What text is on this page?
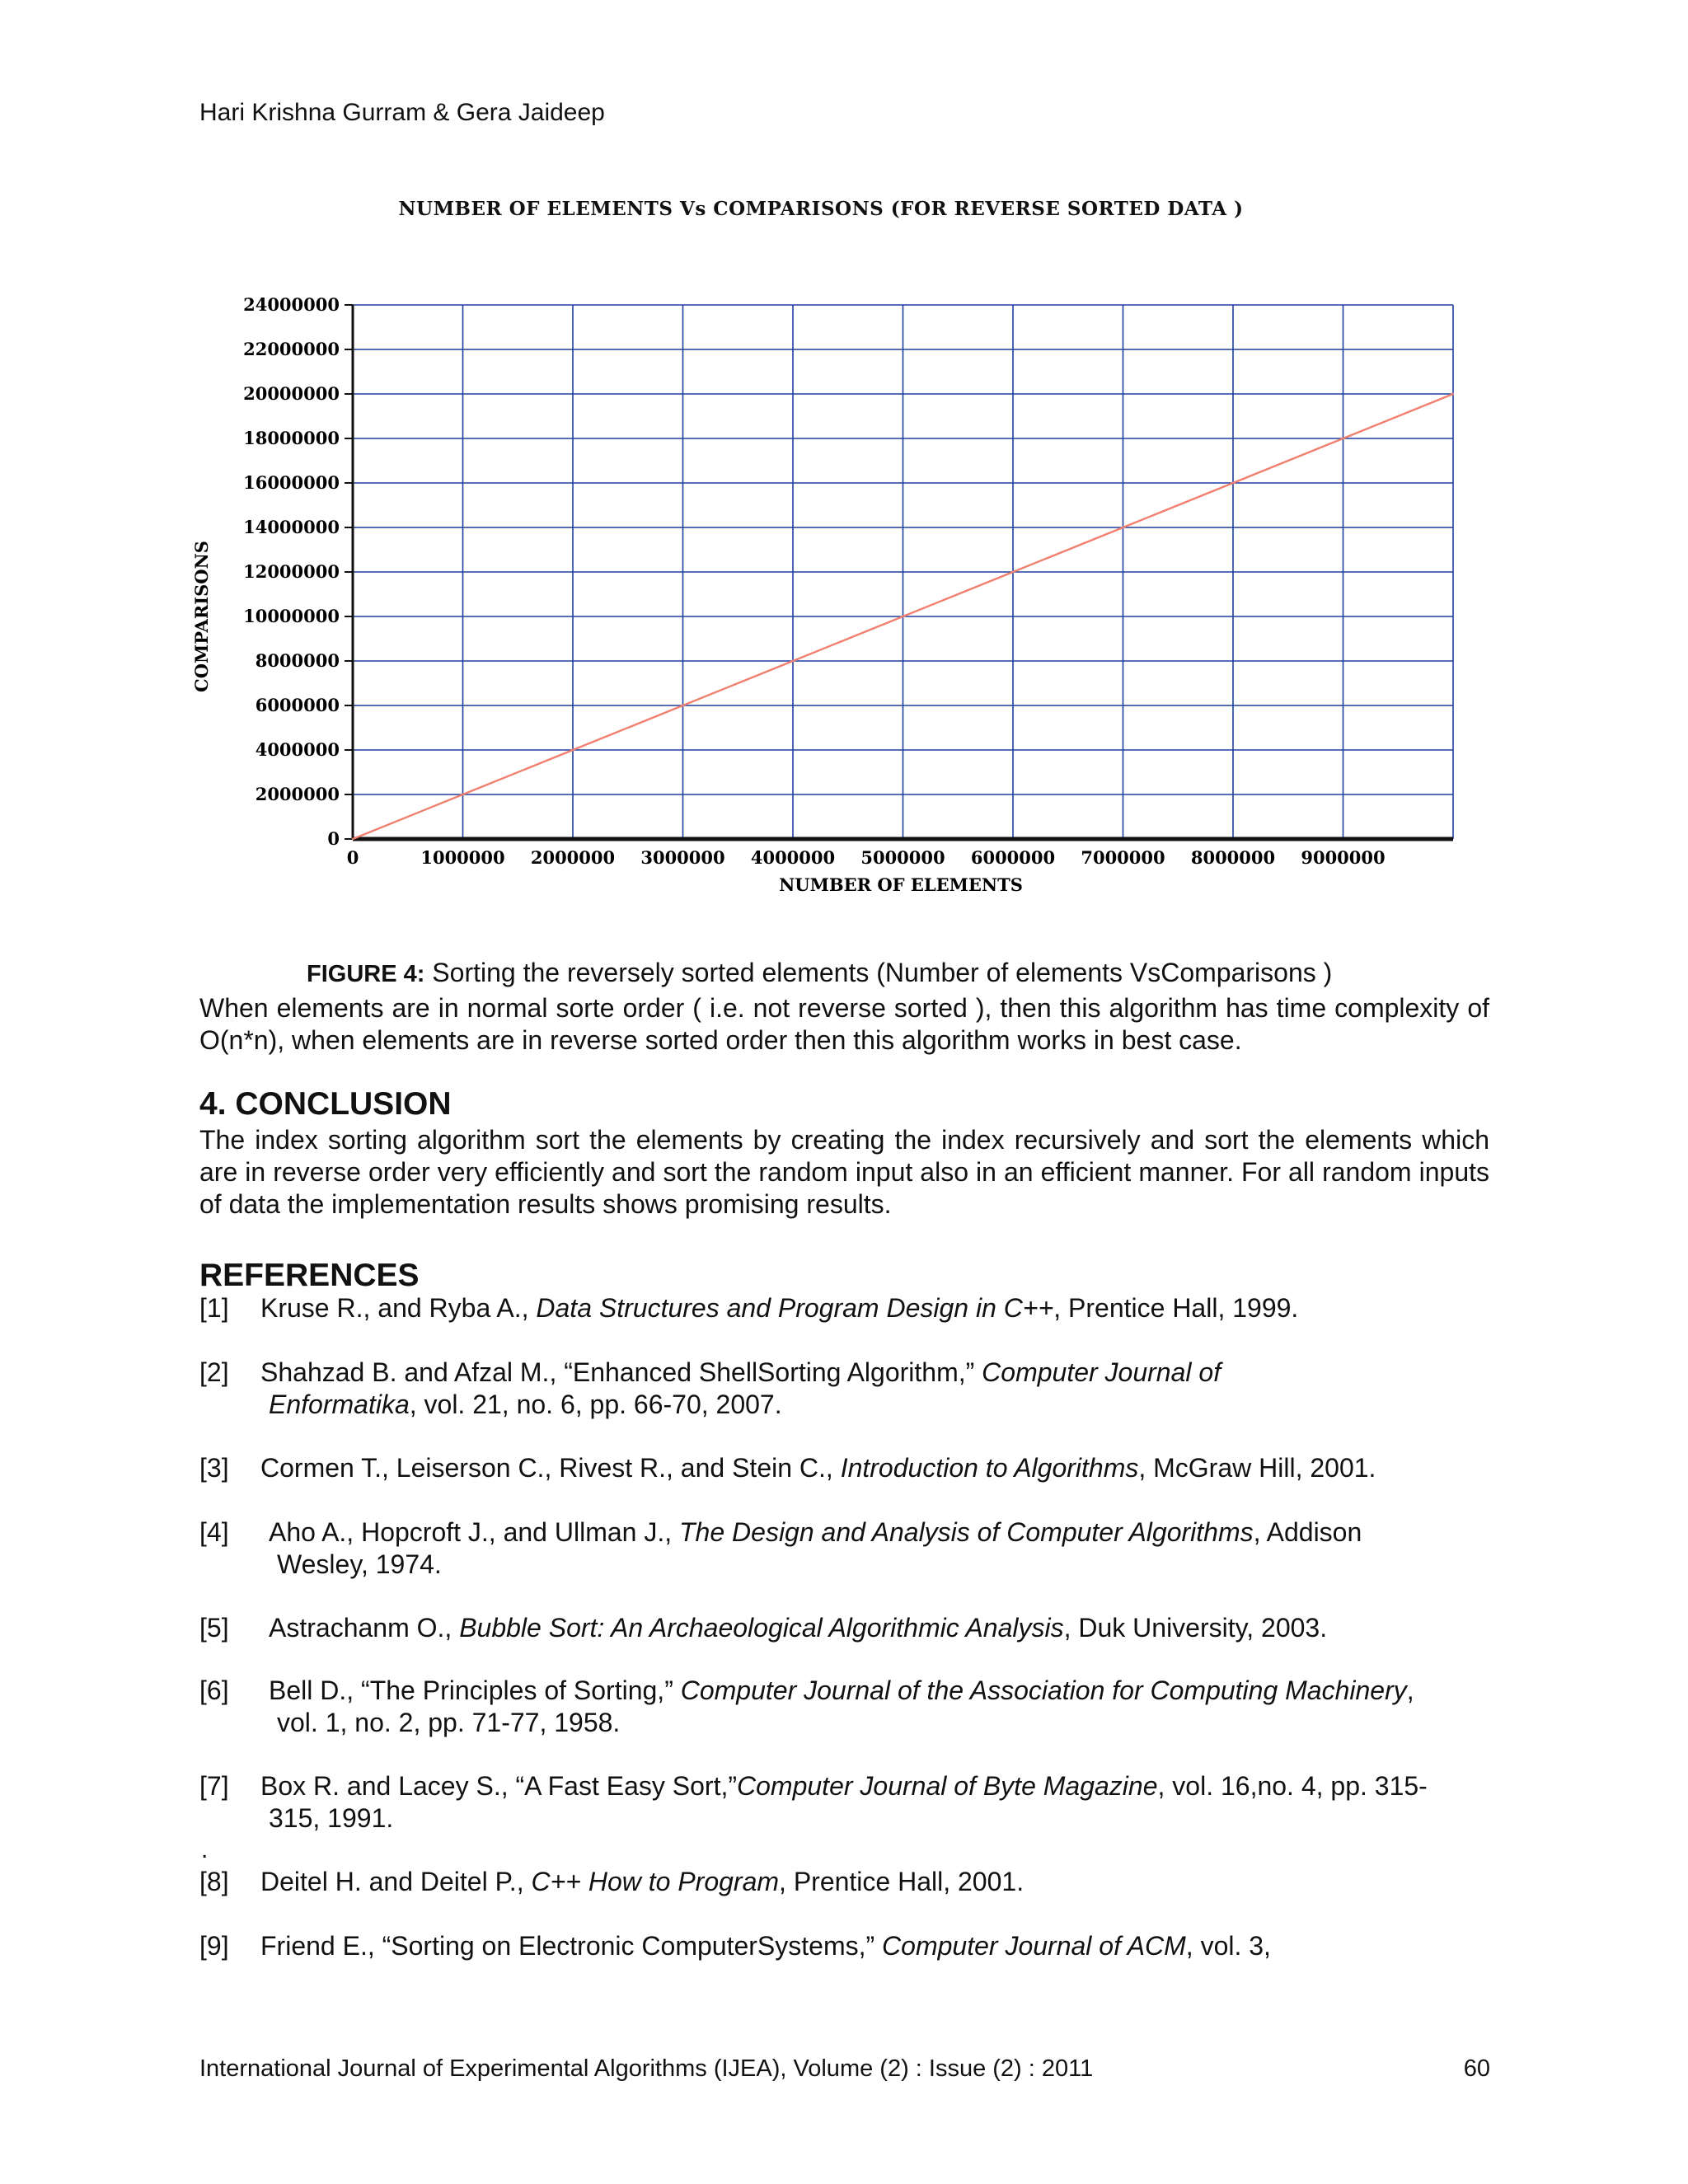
Hari Krishna Gurram & Gera Jaideep
NUMBER OF ELEMENTS Vs COMPARISONS (FOR REVERSE SORTED DATA )
0
2000000
4000000
6000000
8000000
10000000
12000000
14000000
16000000
18000000
20000000
22000000
24000000
0	1000000 2000000 3000000 4000000 5000000 6000000 7000000 8000000 9000000
NUMBER OF ELEMENTS
COMPARISONS
FIGURE 4: Sorting the reversely sorted elements (Number of elements VsComparisons )
When elements are in normal sorte order ( i.e. not reverse sorted ), then this algorithm has time complexity of O(n*n), when elements are in reverse sorted order then this algorithm works in best case.
4. CONCLUSION
The index sorting algorithm sort the elements by creating the index recursively and sort the elements which are in reverse order very efficiently and sort the random input also in an efficient manner. For all random inputs of data the implementation results shows promising results.
REFERENCES
[1] Kruse R., and Ryba A., Data Structures and Program Design in C++, Prentice Hall, 1999.
[2] Shahzad B. and Afzal M., “Enhanced ShellSorting Algorithm,” Computer Journal of
Enformatika, vol. 21, no. 6, pp. 66-70, 2007.
[3] Cormen T., Leiserson C., Rivest R., and Stein C., Introduction to Algorithms, McGraw Hill, 2001.
[4] Aho A., Hopcroft J., and Ullman J., The Design and Analysis of Computer Algorithms, Addison
Wesley, 1974.
[5] Astrachanm O., Bubble Sort: An Archaeological Algorithmic Analysis, Duk University, 2003.
[6] Bell D., “The Principles of Sorting,” Computer Journal of the Association for Computing Machinery,
vol. 1, no. 2, pp. 71-77, 1958.
[7] Box R. and Lacey S., “A Fast Easy Sort,”Computer Journal of Byte Magazine, vol. 16,no. 4, pp. 315-
315, 1991.
[8] Deitel H. and Deitel P., C++ How to Program, Prentice Hall, 2001.
[9] Friend E., “Sorting on Electronic ComputerSystems,” Computer Journal of ACM, vol. 3,
.
International Journal of Experimental Algorithms (IJEA), Volume (2) : Issue (2) : 2011	60
